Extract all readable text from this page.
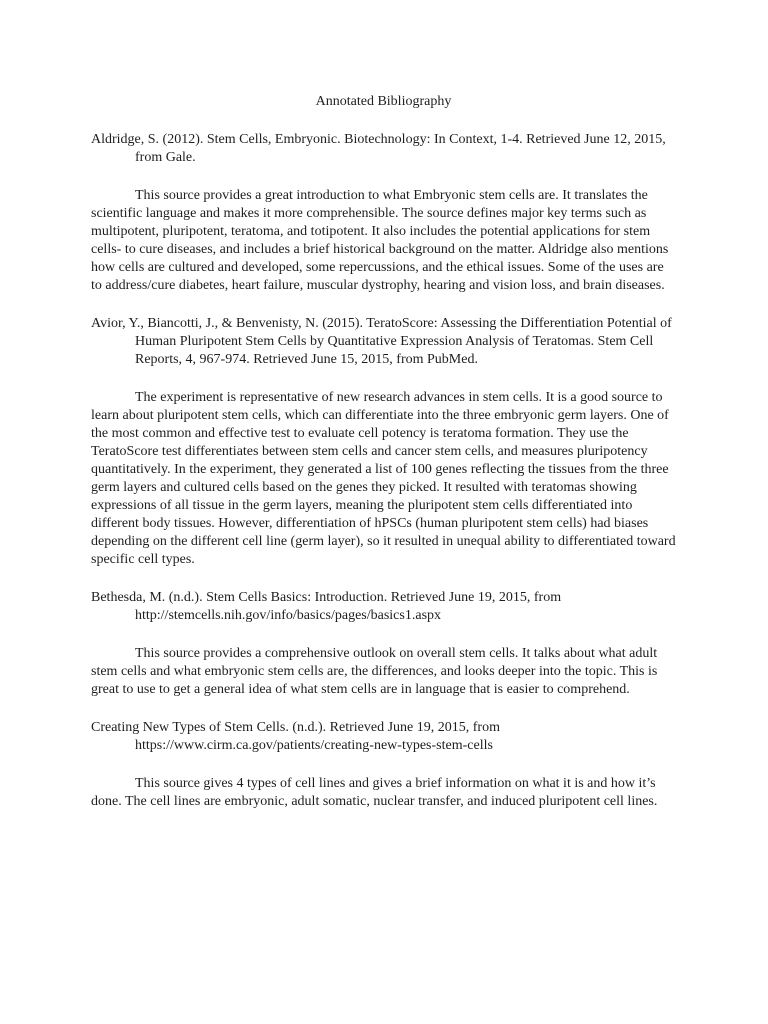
Annotated Bibliography

Aldridge, S. (2012). Stem Cells, Embryonic. Biotechnology: In Context, 1-4. Retrieved June 12, 2015, from Gale.

This source provides a great introduction to what Embryonic stem cells are. It translates the scientific language and makes it more comprehensible. The source defines major key terms such as multipotent, pluripotent, teratoma, and totipotent. It also includes the potential applications for stem cells- to cure diseases, and includes a brief historical background on the matter. Aldridge also mentions how cells are cultured and developed, some repercussions, and the ethical issues. Some of the uses are to address/cure diabetes, heart failure, muscular dystrophy, hearing and vision loss, and brain diseases.

Avior, Y., Biancotti, J., & Benvenisty, N. (2015). TeratoScore: Assessing the Differentiation Potential of Human Pluripotent Stem Cells by Quantitative Expression Analysis of Teratomas. Stem Cell Reports, 4, 967-974. Retrieved June 15, 2015, from PubMed.

The experiment is representative of new research advances in stem cells. It is a good source to learn about pluripotent stem cells, which can differentiate into the three embryonic germ layers. One of the most common and effective test to evaluate cell potency is teratoma formation. They use the TeratoScore test differentiates between stem cells and cancer stem cells, and measures pluripotency quantitatively. In the experiment, they generated a list of 100 genes reflecting the tissues from the three germ layers and cultured cells based on the genes they picked. It resulted with teratomas showing expressions of all tissue in the germ layers, meaning the pluripotent stem cells differentiated into different body tissues. However, differentiation of hPSCs (human pluripotent stem cells) had biases depending on the different cell line (germ layer), so it resulted in unequal ability to differentiated toward specific cell types.

Bethesda, M. (n.d.). Stem Cells Basics: Introduction. Retrieved June 19, 2015, from http://stemcells.nih.gov/info/basics/pages/basics1.aspx

This source provides a comprehensive outlook on overall stem cells. It talks about what adult stem cells and what embryonic stem cells are, the differences, and looks deeper into the topic. This is great to use to get a general idea of what stem cells are in language that is easier to comprehend.

Creating New Types of Stem Cells. (n.d.). Retrieved June 19, 2015, from https://www.cirm.ca.gov/patients/creating-new-types-stem-cells

This source gives 4 types of cell lines and gives a brief information on what it is and how it’s done. The cell lines are embryonic, adult somatic, nuclear transfer, and induced pluripotent cell lines.
